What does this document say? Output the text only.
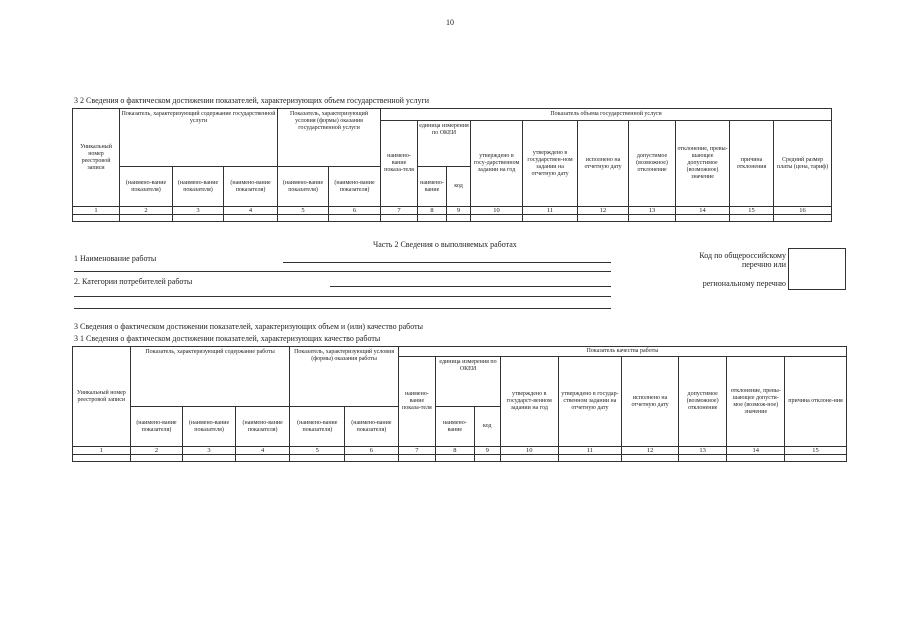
10
3 2 Сведения о фактическом достижении показателей, характеризующих объем государственной услуги
Уникальный номер реестровой записи	Показатель, характеризующий содержание государственной услуги			Показатель, характеризующий условия (формы) оказания государственной услуги		Показатель объема государственной услуги									
						наимено-вание показа-теля	единица измерения по ОКЕИ		утверждено в госу-дарственном задании на год	утверждено в государствен-ном задании на отчетную дату	исполнено на отчетную дату	допустимое (возможное) отклонение	отклонение, превы-шающее допустимое (возможное) значение	причина отклонения	Средний размер платы (цена, тариф)
	(наимено-вание показателя)	(наимено-вание показателя)	(наимено-вание показателя)	(наимено-вание показателя)	(наимено-вание показателя)		наимено-вание	код							
1	2	3	4	5	6	7	8	9	10	11	12	13	14	15	16

Часть 2 Сведения о выполняемых работах
1 Наименование работы
2. Категории потребителей работы
Код по общероссийскому
перечню или
региональному перечню
3 Сведения о фактическом достижении показателей, характеризующих объем и (или) качество работы
3 1 Сведения о фактическом достижении показателей, характеризующих качество работы
Уникальный номер реестровой записи	Показатель, характеризующий содержание работы			Показатель, характеризующий условия (формы) оказания работы		Показатель качества работы								
						наимено-вание показа-теля	единица измерения по ОКЕИ		утверждено в государст-венном задании на год	утверждено в государ-ственном задании на отчетную дату	исполнено на отчетную дату	допустимое (возможное) отклонение	отклонение, превы-шающее допусти-мое (возмож-ное) значение	причина отклоне-ния
	(наимено-вание показателя)	(наимено-вание показателя)	(наимено-вание показателя)	(наимено-вание показателя)	(наимено-вание показателя)		наимено-вание	код						
1	2	3	4	5	6	7	8	9	10	11	12	13	14	15
